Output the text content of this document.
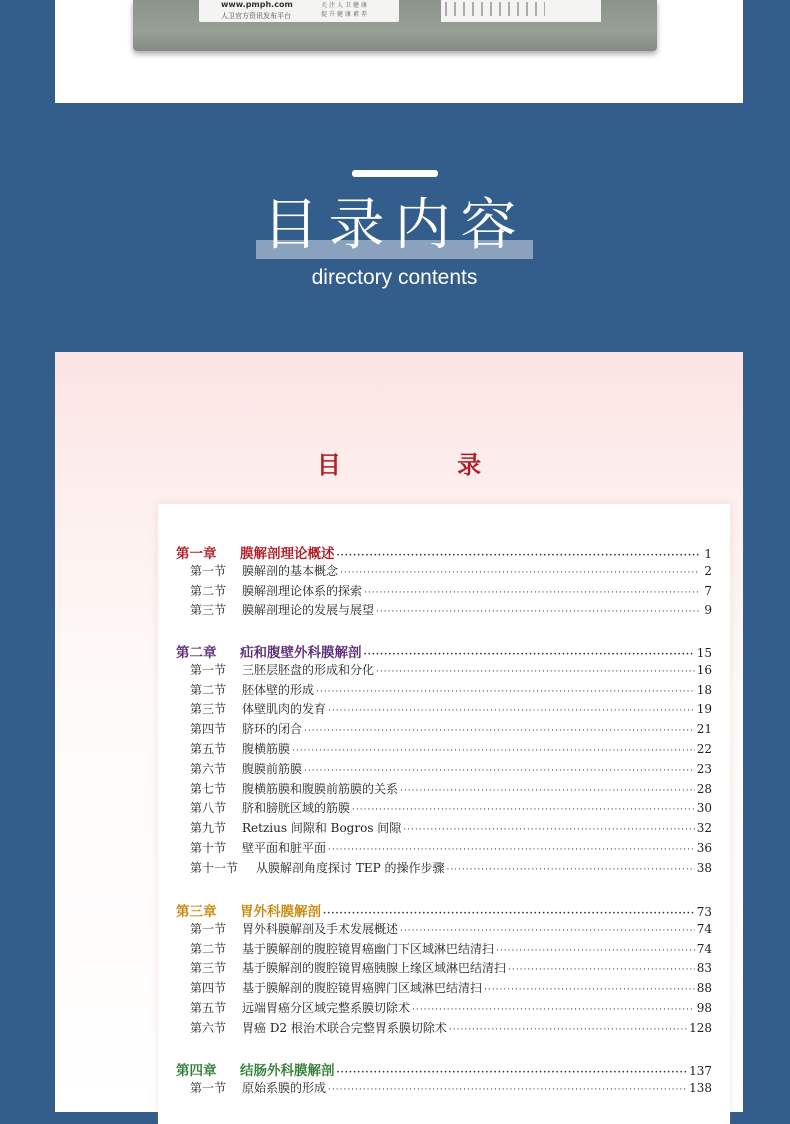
www.pmph.com
人卫官方资讯发布平台
关注人卫健康
提升健康素养
目录内容
directory contents
目 录
第一章	膜解剖理论概述 ·····	1
第一节	膜解剖的基本概念 ·····	2
第二节	膜解剖理论体系的探索 ·····	7
第三节	膜解剖理论的发展与展望 ·····	9
第二章	疝和腹壁外科膜解剖 ·····	15
第一节	三胚层胚盘的形成和分化 ·····	16
第二节	胚体壁的形成 ·····	18
第三节	体壁肌肉的发育 ·····	19
第四节	脐环的闭合 ·····	21
第五节	腹横筋膜 ·····	22
第六节	腹膜前筋膜 ·····	23
第七节	腹横筋膜和腹膜前筋膜的关系 ·····	28
第八节	脐和膀胱区域的筋膜 ·····	30
第九节	Retzius 间隙和 Bogros 间隙 ·····	32
第十节	壁平面和脏平面 ·····	36
第十一节	从膜解剖角度探讨 TEP 的操作步骤 ·····	38
第三章	胃外科膜解剖 ·····	73
第一节	胃外科膜解剖及手术发展概述 ·····	74
第二节	基于膜解剖的腹腔镜胃癌幽门下区域淋巴结清扫 ·····	74
第三节	基于膜解剖的腹腔镜胃癌胰腺上缘区域淋巴结清扫 ·····	83
第四节	基于膜解剖的腹腔镜胃癌脾门区域淋巴结清扫 ·····	88
第五节	远端胃癌分区域完整系膜切除术 ·····	98
第六节	胃癌 D2 根治术联合完整胃系膜切除术 ·····	128
第四章	结肠外科膜解剖 ·····	137
第一节	原始系膜的形成 ·····	138
